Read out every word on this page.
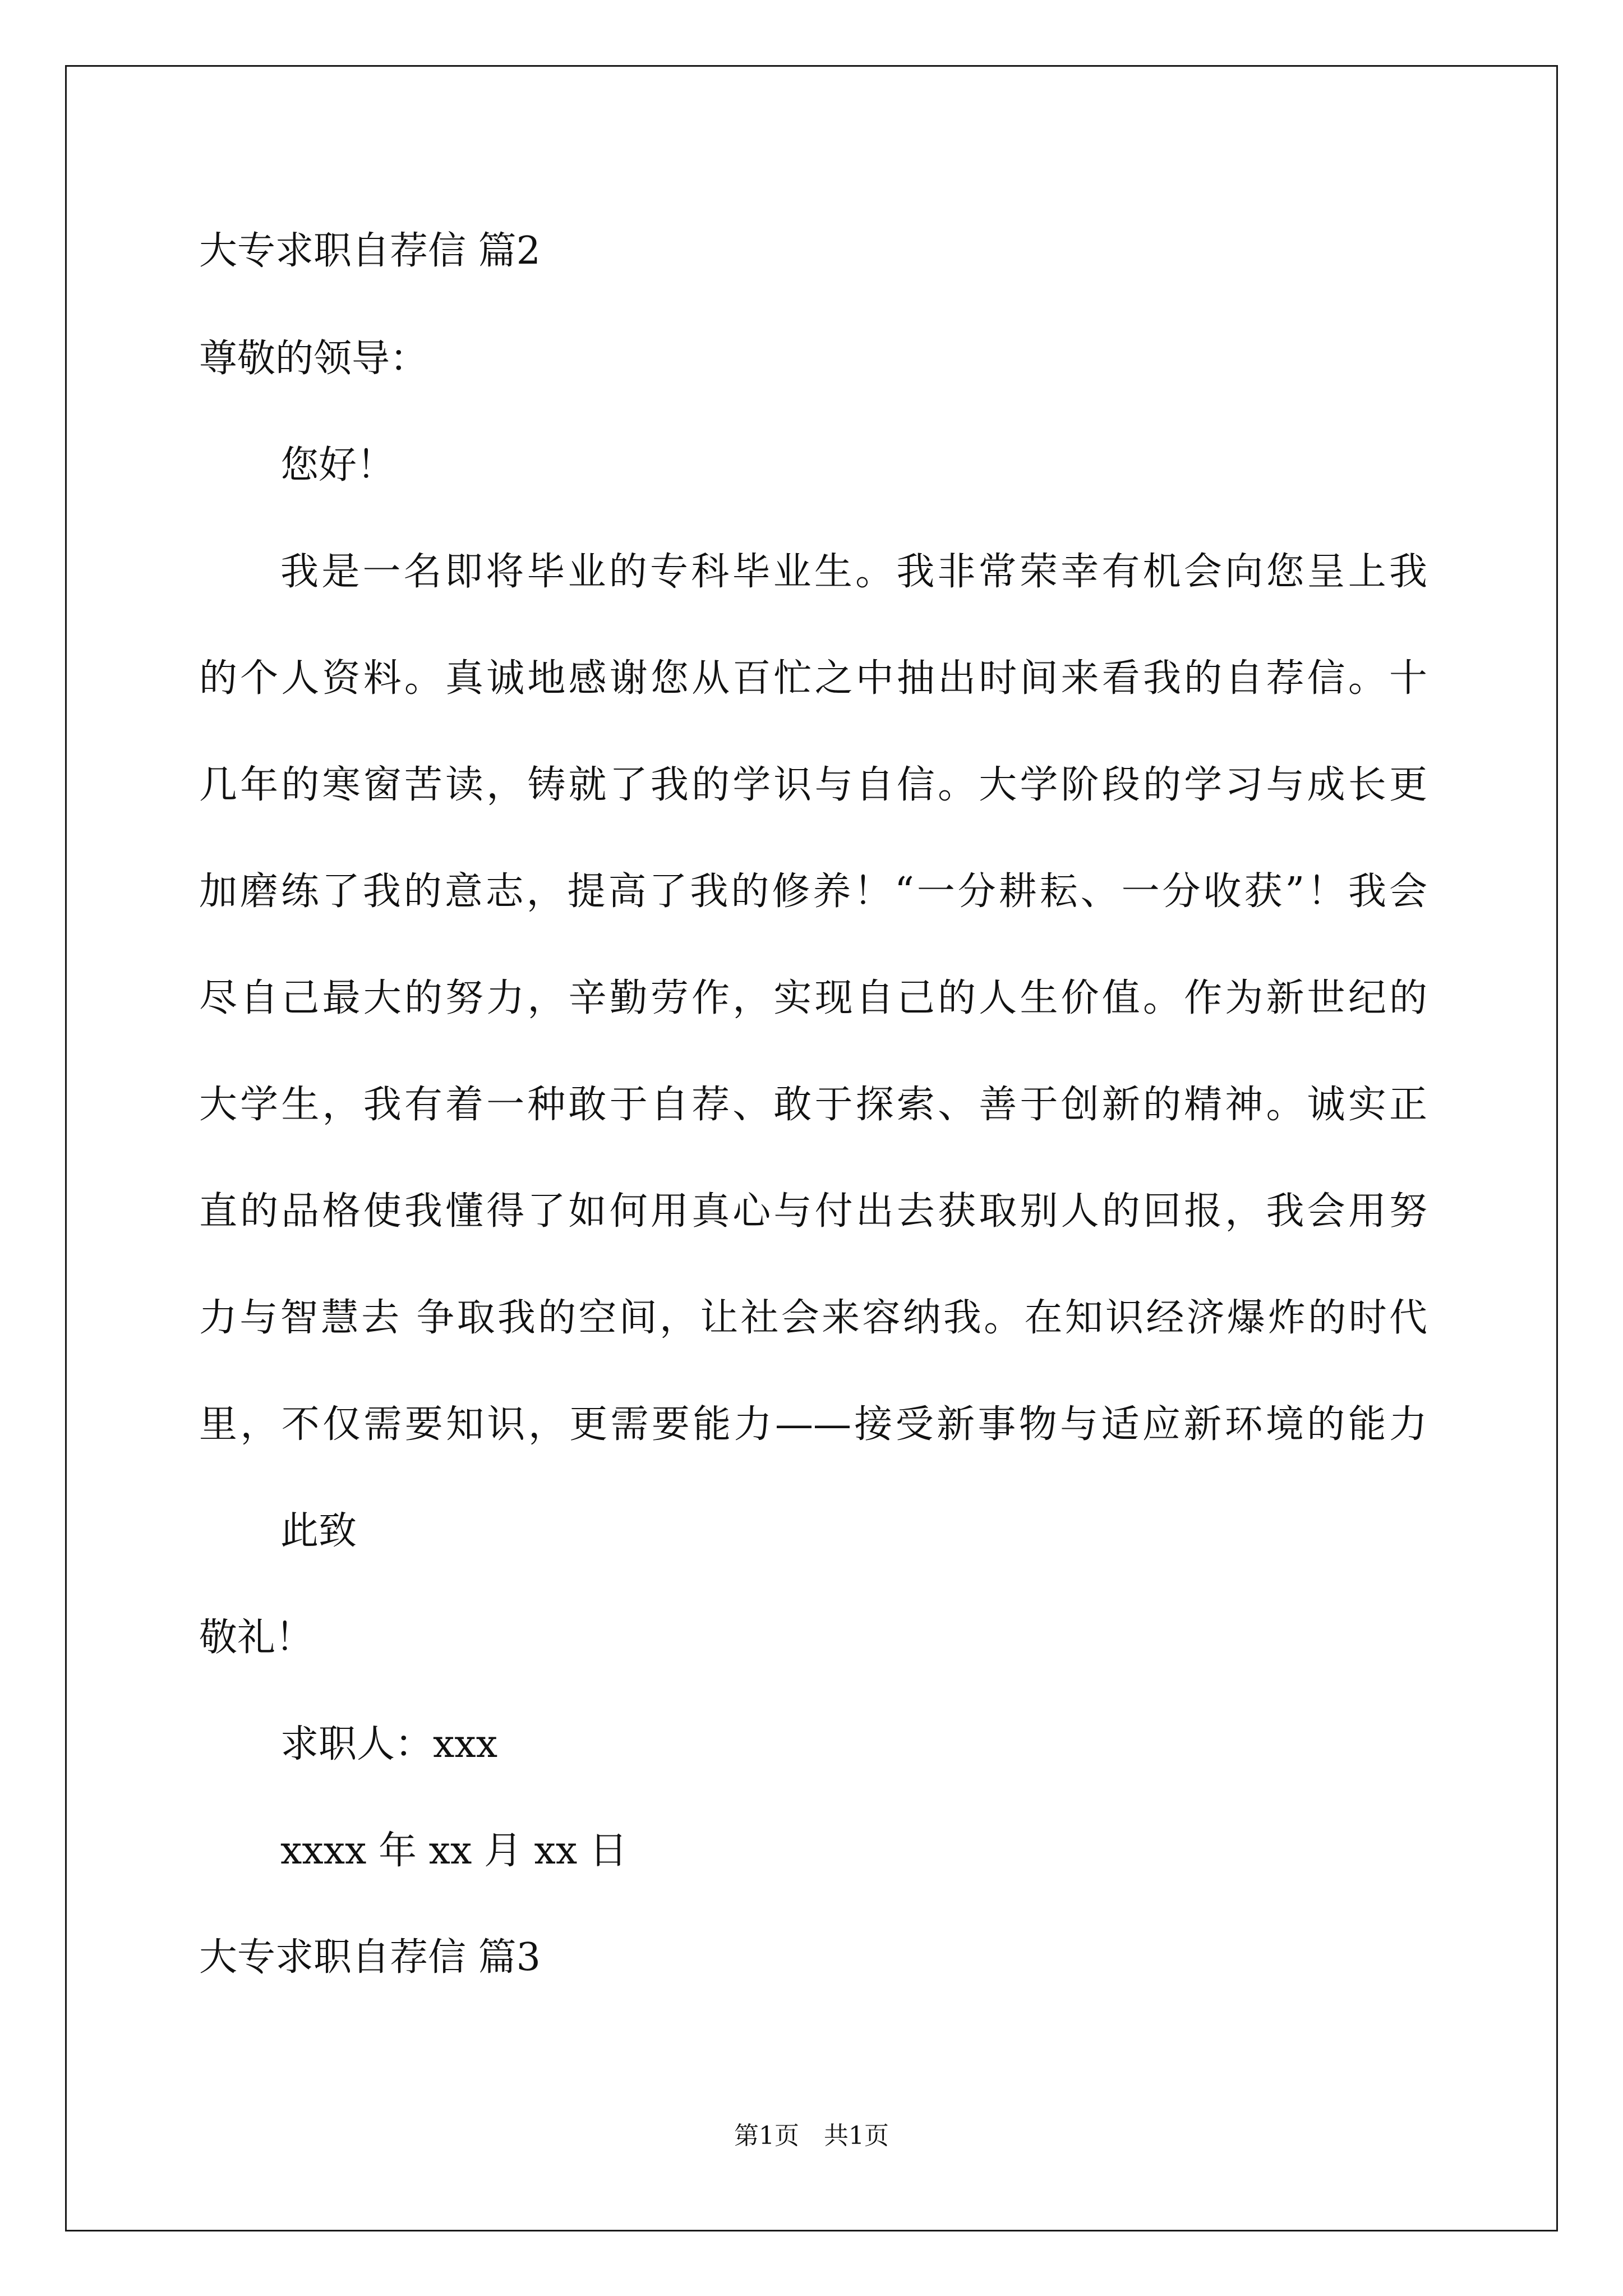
大专求职自荐信 篇2
尊敬的领导：
您好！
我是一名即将毕业的专科毕业生。我非常荣幸有机会向您呈上我
的个人资料。真诚地感谢您从百忙之中抽出时间来看我的自荐信。十
几年的寒窗苦读，铸就了我的学识与自信。大学阶段的学习与成长更
加磨练了我的意志，提高了我的修养！“一分耕耘、一分收获”！我会
尽自己最大的努力，辛勤劳作，实现自己的人生价值。作为新世纪的
大学生，我有着一种敢于自荐、敢于探索、善于创新的精神。诚实正
直的品格使我懂得了如何用真心与付出去获取别人的回报，我会用努
力与智慧去 争取我的空间，让社会来容纳我。在知识经济爆炸的时代
里，不仅需要知识，更需要能力——接受新事物与适应新环境的能力
此致
敬礼！
求职人：xxx
xxxx 年 xx 月 xx 日
大专求职自荐信 篇3
第1页　共1页
